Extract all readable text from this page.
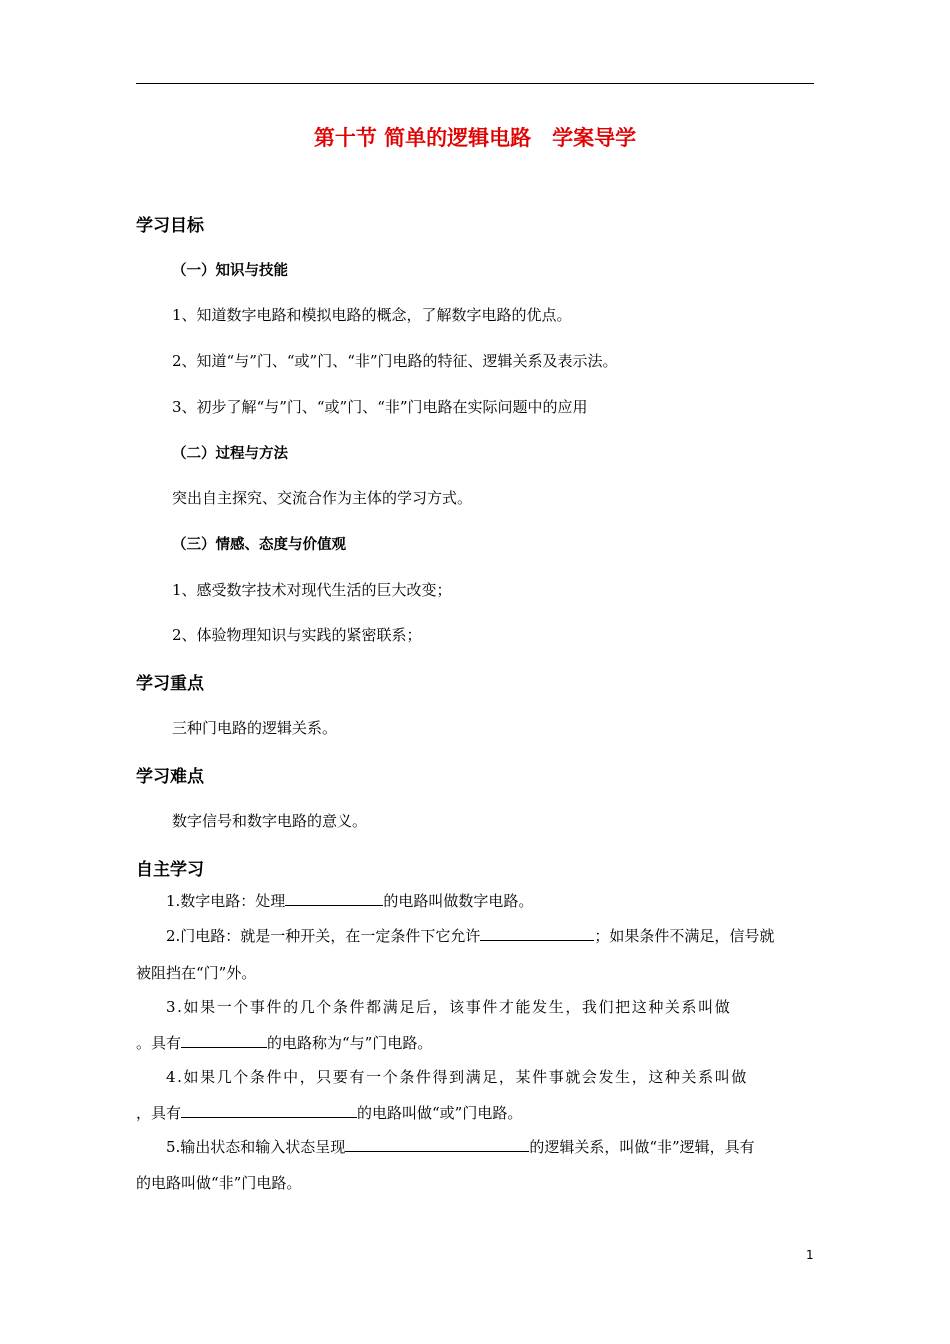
第十节 简单的逻辑电路　学案导学
学习目标
（一）知识与技能
1、知道数字电路和模拟电路的概念，了解数字电路的优点。
2、知道“与”门、“或”门、“非”门电路的特征、逻辑关系及表示法。
3、初步了解“与”门、“或”门、“非”门电路在实际问题中的应用
（二）过程与方法
突出自主探究、交流合作为主体的学习方式。
（三）情感、态度与价值观
1、感受数字技术对现代生活的巨大改变；
2、体验物理知识与实践的紧密联系；
学习重点
三种门电路的逻辑关系。
学习难点
数字信号和数字电路的意义。
自主学习
1.数字电路：处理	的电路叫做数字电路。
2.门电路：就是一种开关，在一定条件下它允许	；如果条件不满足，信号就
被阻挡在“门”外。
3.如果一个事件的几个条件都满足后，该事件才能发生，我们把这种关系叫做
。具有	的电路称为“与”门电路。
4.如果几个条件中，只要有一个条件得到满足，某件事就会发生，这种关系叫做
，具有	的电路叫做“或”门电路。
5.输出状态和输入状态呈现	的逻辑关系，叫做“非”逻辑，具有
的电路叫做“非”门电路。
1
